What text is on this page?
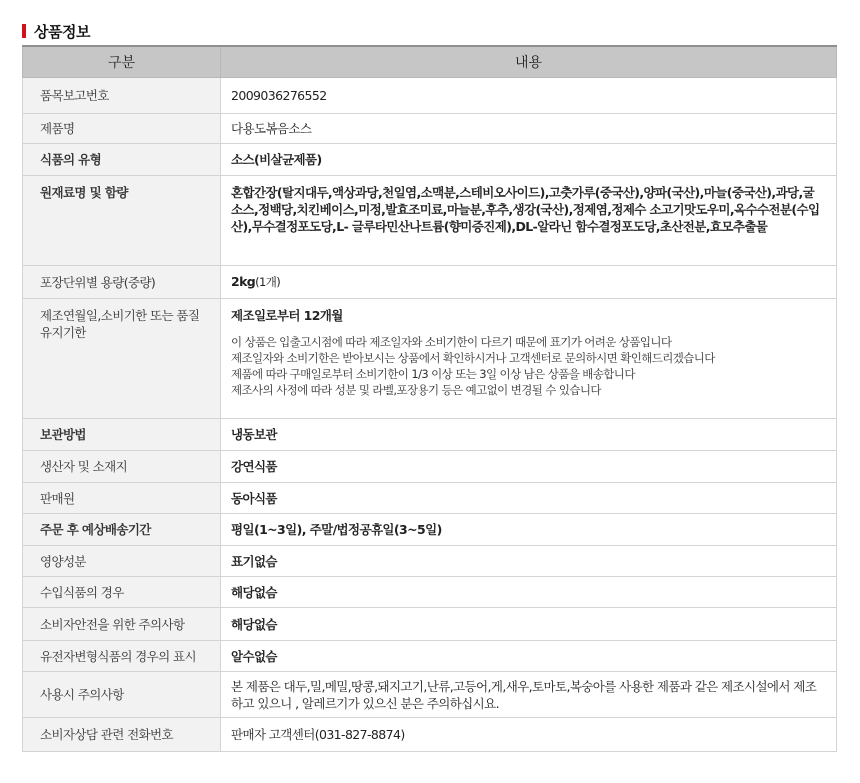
상품정보
구분	내용
품목보고번호	2009036276552
제품명	다용도볶음소스
식품의 유형	소스(비살균제품)
원재료명 및 함량	혼합간장(탈지대두,액상과당,천일염,소맥분,스테비오사이드),고춧가루(중국산),양파(국산),마늘(중국산),과당,굴소스,정백당,치킨베이스,미정,발효조미료,마늘분,후추,생강(국산),정제염,정제수 소고기맛도우미,옥수수전분(수입산),무수결정포도당,L- 글루타민산나트륨(향미증진제),DL-알라닌 함수결정포도당,초산전분,효모추출물
포장단위별 용량(중량)	2kg(1개)
제조연월일,소비기한 또는 품질유지기한	제조일로부터 12개월
이 상품은 입출고시점에 따라 제조일자와 소비기한이 다르기 때문에 표기가 어려운 상품입니다
제조일자와 소비기한은 받아보시는 상품에서 확인하시거나 고객센터로 문의하시면 확인해드리겠습니다
제품에 따라 구매일로부터 소비기한이 1/3 이상 또는 3일 이상 남은 상품을 배송합니다
제조사의 사정에 따라 성분 및 라벨,포장용기 등은 예고없이 변경될 수 있습니다

보관방법	냉동보관
생산자 및 소재지	강연식품
판매원	동아식품
주문 후 예상배송기간	평일(1~3일), 주말/법정공휴일(3~5일)
영양성분	표기없슴
수입식품의 경우	해당없슴
소비자안전을 위한 주의사항	해당없슴
유전자변형식품의 경우의 표시	알수없슴
사용시 주의사항	본 제품은 대두,밀,메밀,땅콩,돼지고기,난류,고등어,게,새우,토마토,복숭아를 사용한 제품과 같은 제조시설에서 제조하고 있으니 , 알레르기가 있으신 분은 주의하십시요.
소비자상담 관련 전화번호	판매자 고객센터(031-827-8874)
